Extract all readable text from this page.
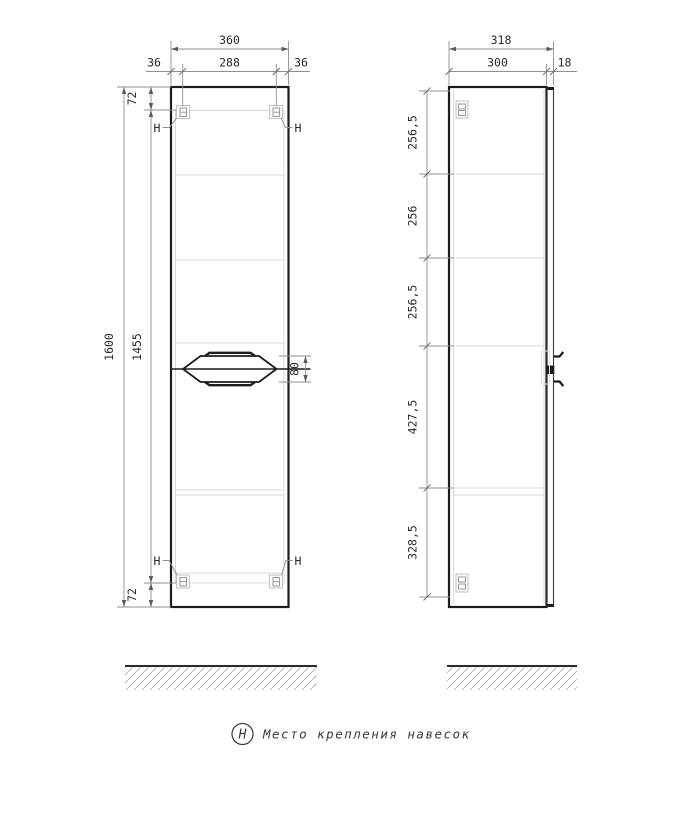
H	H
H	H
360
36	288	36
1600 1455
72
72
80
318
300	18
256,5
256
256,5
427,5
328,5
H Место крепления навесок
